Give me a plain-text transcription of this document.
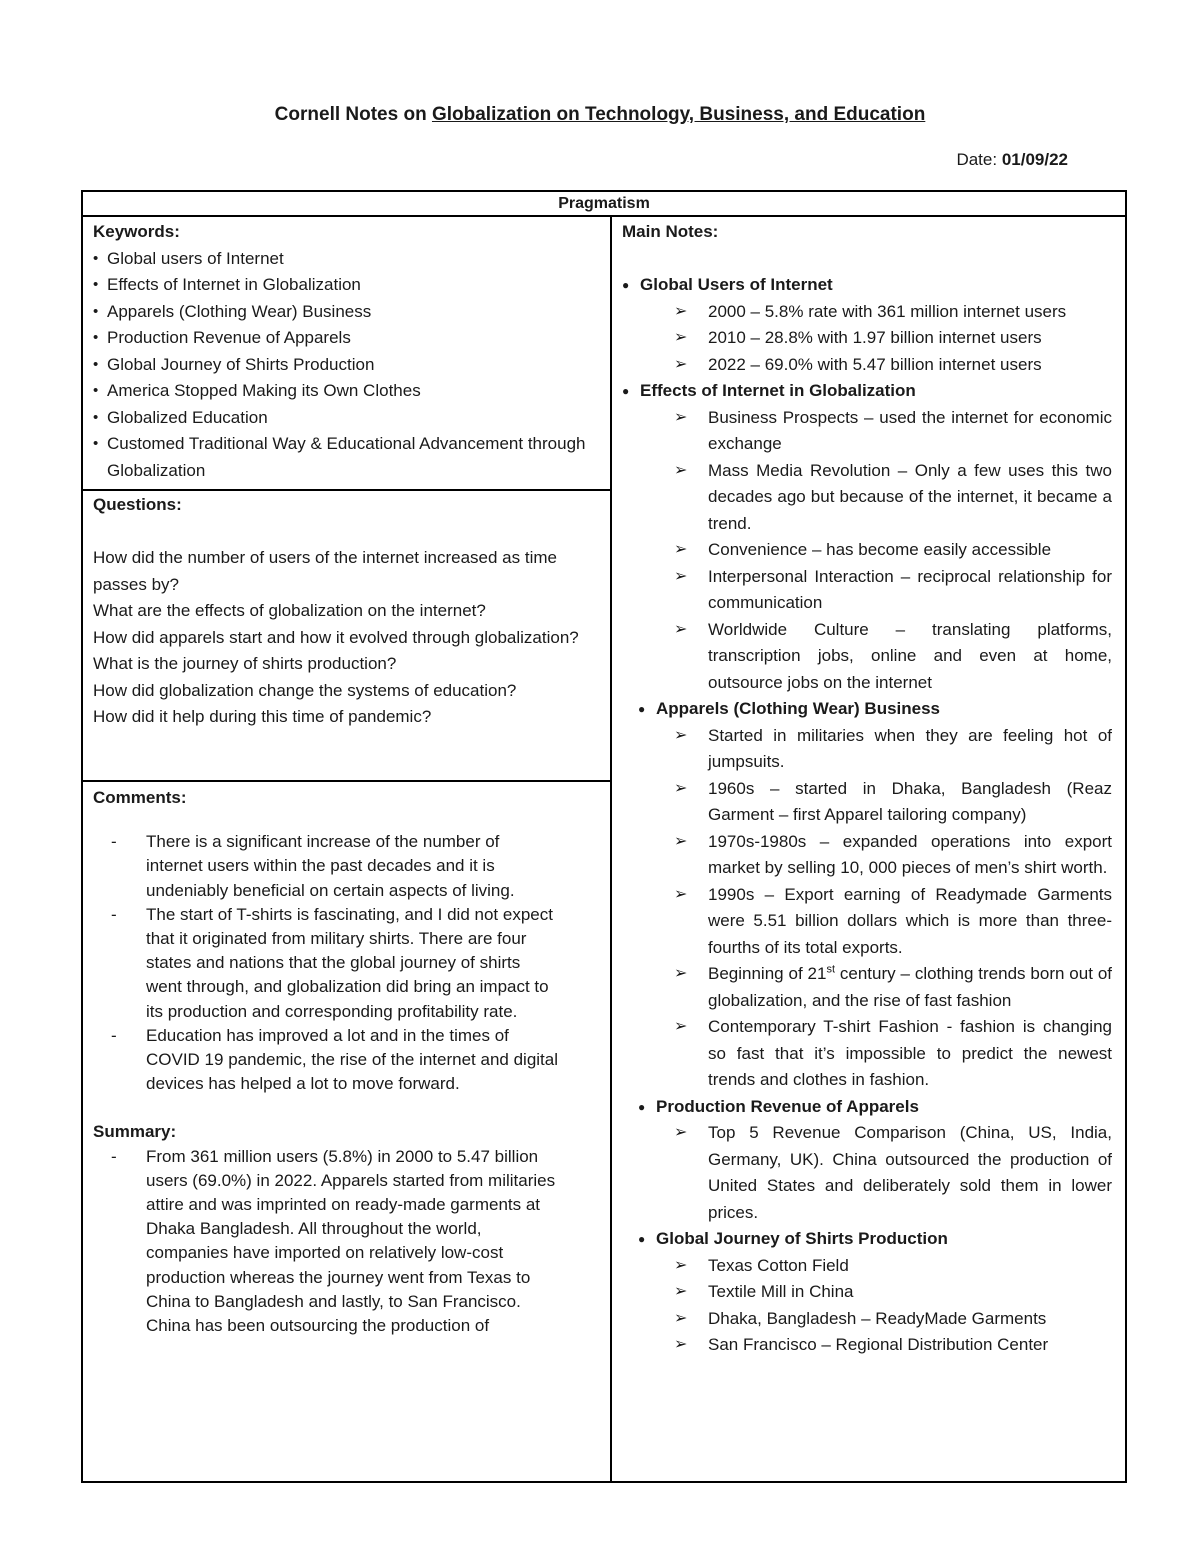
Cornell Notes on Globalization on Technology, Business, and Education
Date: 01/09/22
Pragmatism
Keywords:
• Global users of Internet
• Effects of Internet in Globalization
• Apparels (Clothing Wear) Business
• Production Revenue of Apparels
• Global Journey of Shirts Production
• America Stopped Making its Own Clothes
• Globalized Education
• Customed Traditional Way & Educational Advancement through Globalization
Questions:

How did the number of users of the internet increased as time passes by?

What are the effects of globalization on the internet?

How did apparels start and how it evolved through globalization?

What is the journey of shirts production?

How did globalization change the systems of education?

How did it help during this time of pandemic?

Comments:
- There is a significant increase of the number of internet users within the past decades and it is undeniably beneficial on certain aspects of living.
- The start of T-shirts is fascinating, and I did not expect that it originated from military shirts. There are four states and nations that the global journey of shirts went through, and globalization did bring an impact to its production and corresponding profitability rate.
- Education has improved a lot and in the times of COVID 19 pandemic, the rise of the internet and digital devices has helped a lot to move forward.
Summary:
- From 361 million users (5.8%) in 2000 to 5.47 billion users (69.0%) in 2022. Apparels started from militaries attire and was imprinted on ready-made garments at Dhaka Bangladesh. All throughout the world, companies have imported on relatively low-cost production whereas the journey went from Texas to China to Bangladesh and lastly, to San Francisco. China has been outsourcing the production of
Main Notes:
● Global Users of Internet
➢ 2000 – 5.8% rate with 361 million internet users
➢ 2010 – 28.8% with 1.97 billion internet users
➢ 2022 – 69.0% with 5.47 billion internet users
● Effects of Internet in Globalization
➢ Business Prospects – used the internet for economic exchange
➢ Mass Media Revolution – Only a few uses this two decades ago but because of the internet, it became a trend.
➢ Convenience – has become easily accessible
➢ Interpersonal Interaction – reciprocal relationship for communication
➢ Worldwide Culture – translating platforms, transcription jobs, online and even at home, outsource jobs on the internet
● Apparels (Clothing Wear) Business
➢ Started in militaries when they are feeling hot of jumpsuits.
➢ 1960s – started in Dhaka, Bangladesh (Reaz Garment – first Apparel tailoring company)
➢ 1970s-1980s – expanded operations into export market by selling 10, 000 pieces of men’s shirt worth.
➢ 1990s – Export earning of Readymade Garments were 5.51 billion dollars which is more than three-fourths of its total exports.
➢ Beginning of 21st century – clothing trends born out of globalization, and the rise of fast fashion
➢ Contemporary T-shirt Fashion - fashion is changing so fast that it’s impossible to predict the newest trends and clothes in fashion.
● Production Revenue of Apparels
➢ Top 5 Revenue Comparison (China, US, India, Germany, UK). China outsourced the production of United States and deliberately sold them in lower prices.
● Global Journey of Shirts Production
➢ Texas Cotton Field
➢ Textile Mill in China
➢ Dhaka, Bangladesh – ReadyMade Garments
➢ San Francisco – Regional Distribution Center
